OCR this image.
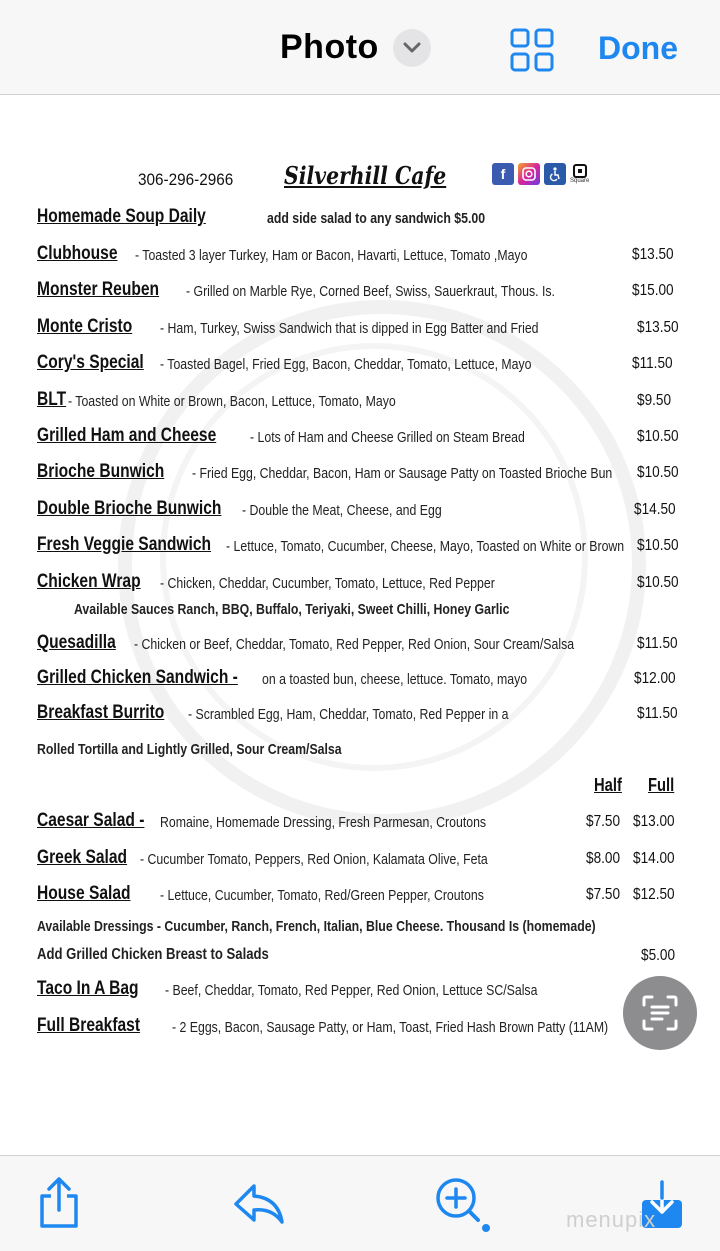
Photo	Done
306-296-2966 Silverhill Cafe	f	Square
Homemade Soup Daily	add side salad to any sandwich $5.00
Clubhouse - Toasted 3 layer Turkey, Ham or Bacon, Havarti, Lettuce, Tomato ,Mayo	$13.50
Monster Reuben - Grilled on Marble Rye, Corned Beef, Swiss, Sauerkraut, Thous. Is.	$15.00
Monte Cristo - Ham, Turkey, Swiss Sandwich that is dipped in Egg Batter and Fried	$13.50
Cory's Special - Toasted Bagel, Fried Egg, Bacon, Cheddar, Tomato, Lettuce, Mayo	$11.50
BLT - Toasted on White or Brown, Bacon, Lettuce, Tomato, Mayo	$9.50
Grilled Ham and Cheese - Lots of Ham and Cheese Grilled on Steam Bread	$10.50
Brioche Bunwich - Fried Egg, Cheddar, Bacon, Ham or Sausage Patty on Toasted Brioche Bun $10.50
Double Brioche Bunwich - Double the Meat, Cheese, and Egg	$14.50
Fresh Veggie Sandwich - Lettuce, Tomato, Cucumber, Cheese, Mayo, Toasted on White or Brown $10.50
Chicken Wrap - Chicken, Cheddar, Cucumber, Tomato, Lettuce, Red Pepper	$10.50
Available Sauces Ranch, BBQ, Buffalo, Teriyaki, Sweet Chilli, Honey Garlic
Quesadilla - Chicken or Beef, Cheddar, Tomato, Red Pepper, Red Onion, Sour Cream/Salsa	$11.50
Grilled Chicken Sandwich - on a toasted bun, cheese, lettuce. Tomato, mayo	$12.00
Breakfast Burrito - Scrambled Egg, Ham, Cheddar, Tomato, Red Pepper in a	$11.50
Rolled Tortilla and Lightly Grilled, Sour Cream/Salsa
Half Full
Caesar Salad - Romaine, Homemade Dressing, Fresh Parmesan, Croutons	$7.50 $13.00
Greek Salad - Cucumber Tomato, Peppers, Red Onion, Kalamata Olive, Feta	$8.00 $14.00
House Salad - Lettuce, Cucumber, Tomato, Red/Green Pepper, Croutons	$7.50 $12.50
Available Dressings - Cucumber, Ranch, French, Italian, Blue Cheese. Thousand Is (homemade)
Add Grilled Chicken Breast to Salads	$5.00
Taco In A Bag - Beef, Cheddar, Tomato, Red Pepper, Red Onion, Lettuce SC/Salsa
Full Breakfast - 2 Eggs, Bacon, Sausage Patty, or Ham, Toast, Fried Hash Brown Patty (11AM)
menupix
